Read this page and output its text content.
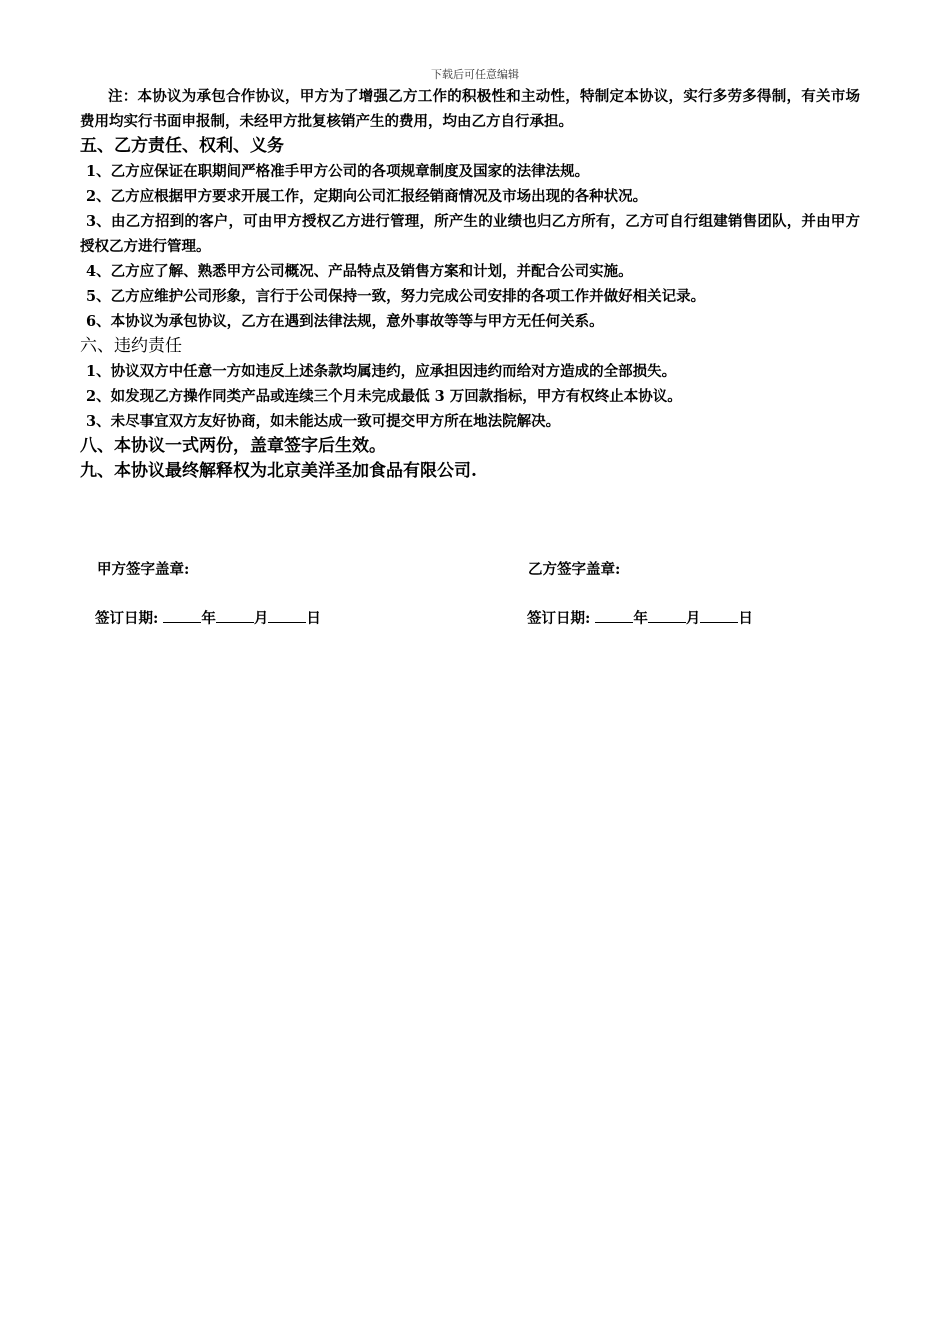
下载后可任意编辑

注：本协议为承包合作协议，甲方为了增强乙方工作的积极性和主动性，特制定本协议，实行多劳多得制，有关市场费用均实行书面申报制，未经甲方批复核销产生的费用，均由乙方自行承担。

五、乙方责任、权利、义务

1、乙方应保证在职期间严格准手甲方公司的各项规章制度及国家的法律法规。

2、乙方应根据甲方要求开展工作，定期向公司汇报经销商情况及市场出现的各种状况。

3、由乙方招到的客户，可由甲方授权乙方进行管理，所产生的业绩也归乙方所有，乙方可自行组建销售团队，并由甲方授权乙方进行管理。

4、乙方应了解、熟悉甲方公司概况、产品特点及销售方案和计划，并配合公司实施。

5、乙方应维护公司形象，言行于公司保持一致，努力完成公司安排的各项工作并做好相关记录。

6、本协议为承包协议，乙方在遇到法律法规，意外事故等等与甲方无任何关系。

六、违约责任

1、协议双方中任意一方如违反上述条款均属违约，应承担因违约而给对方造成的全部损失。

2、如发现乙方操作同类产品或连续三个月未完成最低 3 万回款指标，甲方有权终止本协议。

3、未尽事宜双方友好协商，如未能达成一致可提交甲方所在地法院解决。

八、本协议一式两份，盖章签字后生效。

九、本协议最终解释权为北京美洋圣加食品有限公司.

甲方签字盖章:	乙方签字盖章:
签订日期:	年	月	日	签订日期:	年	月	日
